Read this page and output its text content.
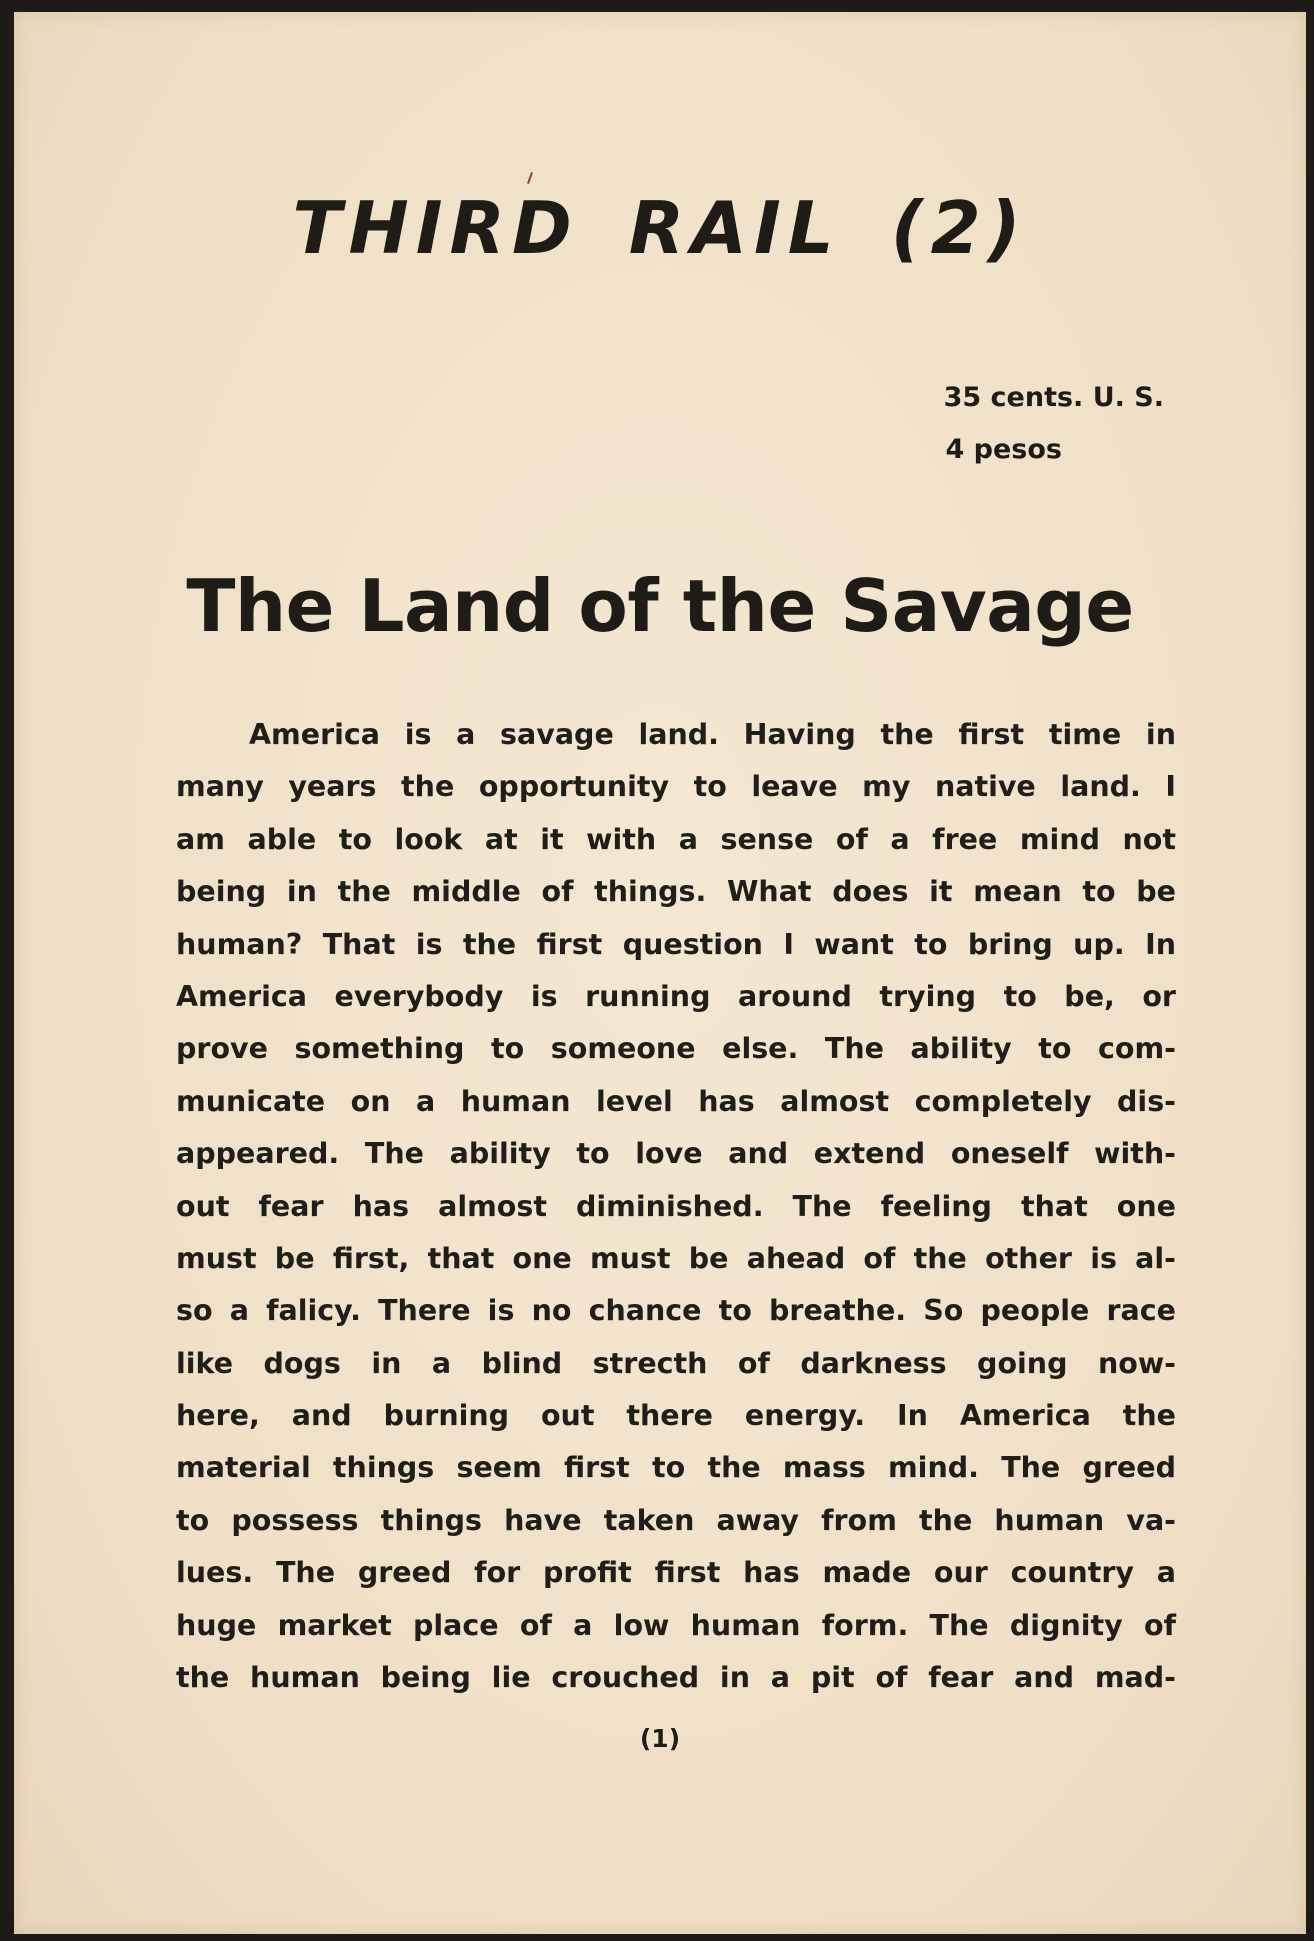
THIRD RAIL (2)

35 cents. U. S.

4 pesos

The Land of the Savage
America is a savage land. Having the first time in
many years the opportunity to leave my native land. I
am able to look at it with a sense of a free mind not
being in the middle of things. What does it mean to be
human? That is the first question I want to bring up. In
America everybody is running around trying to be, or
prove something to someone else. The ability to com-
municate on a human level has almost completely dis-
appeared. The ability to love and extend oneself with-
out fear has almost diminished. The feeling that one
must be first, that one must be ahead of the other is al-
so a falicy. There is no chance to breathe. So people race
like dogs in a blind strecth of darkness going now-
here, and burning out there energy. In America the
material things seem first to the mass mind. The greed
to possess things have taken away from the human va-
lues. The greed for profit first has made our country a
huge market place of a low human form. The dignity of
the human being lie crouched in a pit of fear and mad-

(1)
